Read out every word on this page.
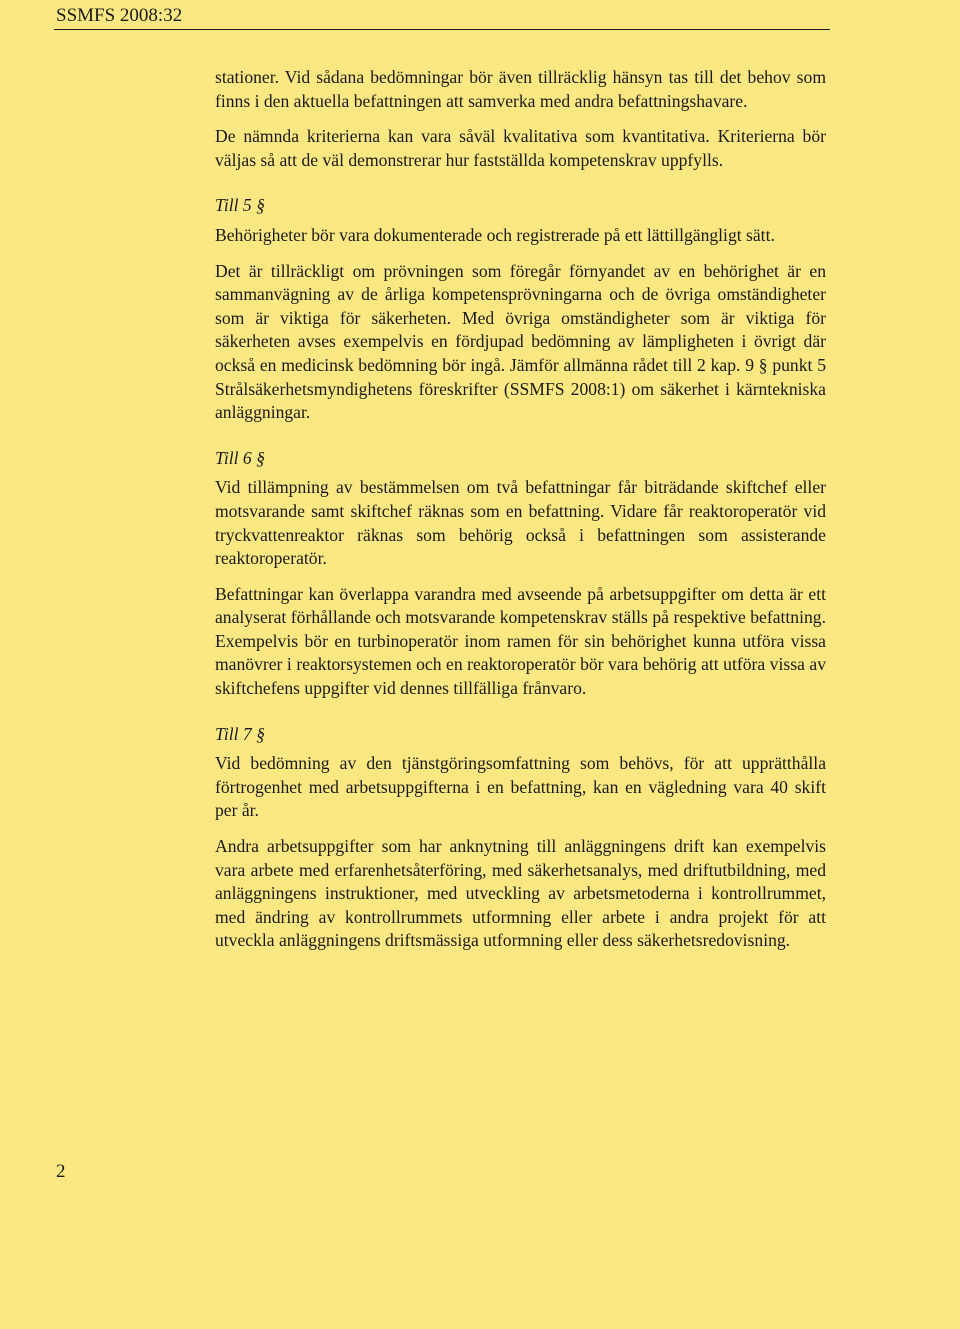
SSMFS 2008:32

stationer. Vid sådana bedömningar bör även tillräcklig hänsyn tas till det behov som finns i den aktuella befattningen att samverka med andra befattningshavare.

De nämnda kriterierna kan vara såväl kvalitativa som kvantitativa. Kriterierna bör väljas så att de väl demonstrerar hur fastställda kompetenskrav uppfylls.

Till 5 §

Behörigheter bör vara dokumenterade och registrerade på ett lättillgängligt sätt.

Det är tillräckligt om prövningen som föregår förnyandet av en behörighet är en sammanvägning av de årliga kompetensprövningarna och de övriga omständigheter som är viktiga för säkerheten. Med övriga omständigheter som är viktiga för säkerheten avses exempelvis en fördjupad bedömning av lämpligheten i övrigt där också en medicinsk bedömning bör ingå. Jämför allmänna rådet till 2 kap. 9 § punkt 5 Strålsäkerhetsmyndighetens föreskrifter (SSMFS 2008:1) om säkerhet i kärntekniska anläggningar.

Till 6 §

Vid tillämpning av bestämmelsen om två befattningar får biträdande skiftchef eller motsvarande samt skiftchef räknas som en befattning. Vidare får reaktoroperatör vid tryckvattenreaktor räknas som behörig också i befattningen som assisterande reaktoroperatör.

Befattningar kan överlappa varandra med avseende på arbetsuppgifter om detta är ett analyserat förhållande och motsvarande kompetenskrav ställs på respektive befattning. Exempelvis bör en turbinoperatör inom ramen för sin behörighet kunna utföra vissa manövrer i reaktorsystemen och en reaktoroperatör bör vara behörig att utföra vissa av skiftchefens uppgifter vid dennes tillfälliga frånvaro.

Till 7 §

Vid bedömning av den tjänstgöringsomfattning som behövs, för att upprätthålla förtrogenhet med arbetsuppgifterna i en befattning, kan en vägledning vara 40 skift per år.

Andra arbetsuppgifter som har anknytning till anläggningens drift kan exempelvis vara arbete med erfarenhetsåterföring, med säkerhetsanalys, med driftutbildning, med anläggningens instruktioner, med utveckling av arbetsmetoderna i kontrollrummet, med ändring av kontrollrummets utformning eller arbete i andra projekt för att utveckla anläggningens driftsmässiga utformning eller dess säkerhetsredovisning.

2
